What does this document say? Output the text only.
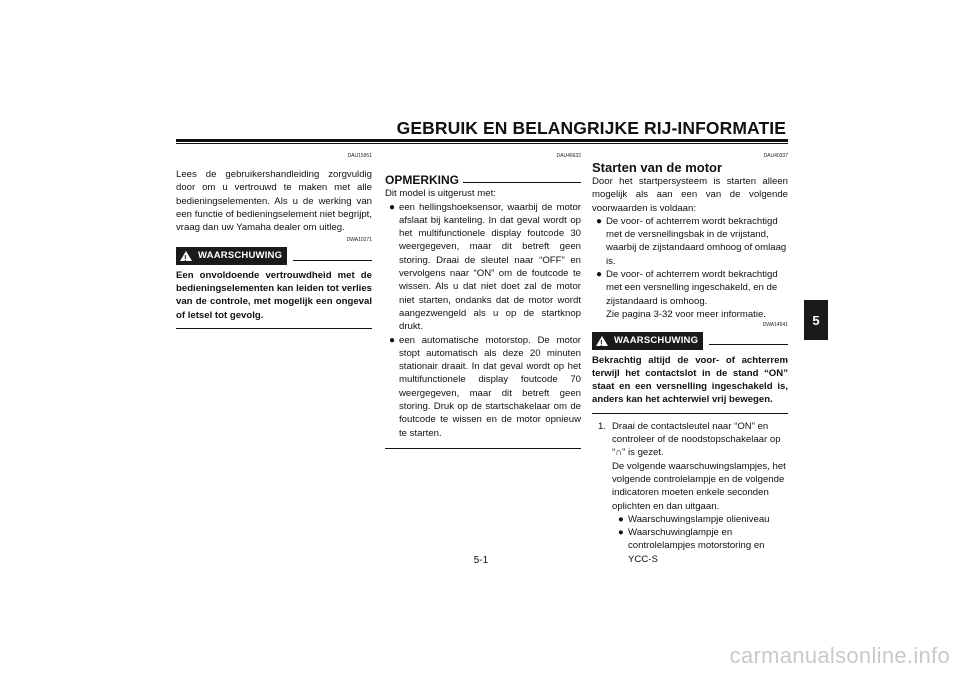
GEBRUIK EN BELANGRIJKE RIJ-INFORMATIE
5
DAU15951

Lees de gebruikershandleiding zorgvuldig door om u vertrouwd te maken met alle bedieningselementen. Als u de werking van een functie of bedieningselement niet begrijpt, vraag dan uw Yamaha dealer om uitleg.

DWA10271
!
WAARSCHUWING

Een onvoldoende vertrouwdheid met de bedieningselementen kan leiden tot verlies van de controle, met mogelijk een ongeval of letsel tot gevolg.

DAU46632
OPMERKING

Dit model is uitgerust met:

● een hellingshoeksensor, waarbij de motor afslaat bij kanteling. In dat geval wordt op het multifunctionele display foutcode 30 weergegeven, maar dit betreft geen storing. Draai de sleutel naar “OFF” en vervolgens naar “ON” om de foutcode te wissen. Als u dat niet doet zal de motor niet starten, ondanks dat de motor wordt aangezwengeld als u op de startknop drukt.
● een automatische motorstop. De motor stopt automatisch als deze 20 minuten stationair draait. In dat geval wordt op het multifunctionele display foutcode 70 weergegeven, maar dit betreft geen storing. Druk op de startschakelaar om de foutcode te wissen en de motor opnieuw te starten.
DAU40337
Starten van de motor

Door het startpersysteem is starten alleen mogelijk als aan een van de volgende voorwaarden is voldaan:

● De voor- of achterrem wordt bekrachtigd met de versnellingsbak in de vrijstand, waarbij de zijstandaard omhoog of omlaag is.
● De voor- of achterrem wordt bekrachtigd met een versnelling ingeschakeld, en de zijstandaard is omhoog.
Zie pagina 3-32 voor meer informatie.
DWA14541
!
WAARSCHUWING

Bekrachtig altijd de voor- of achterrem terwijl het contactslot in de stand “ON” staat en een versnelling ingeschakeld is, anders kan het achterwiel vrij bewegen.

1. Draai de contactsleutel naar “ON” en controleer of de noodstopschakelaar op “∩” is gezet.
De volgende waarschuwingslampjes, het volgende controlelampje en de volgende indicatoren moeten enkele seconden oplichten en dan uitgaan.
● Waarschuwingslampje olieniveau
● Waarschuwinglampje en controlelampjes motorstoring en YCC-S
5-1
carmanualsonline.info
